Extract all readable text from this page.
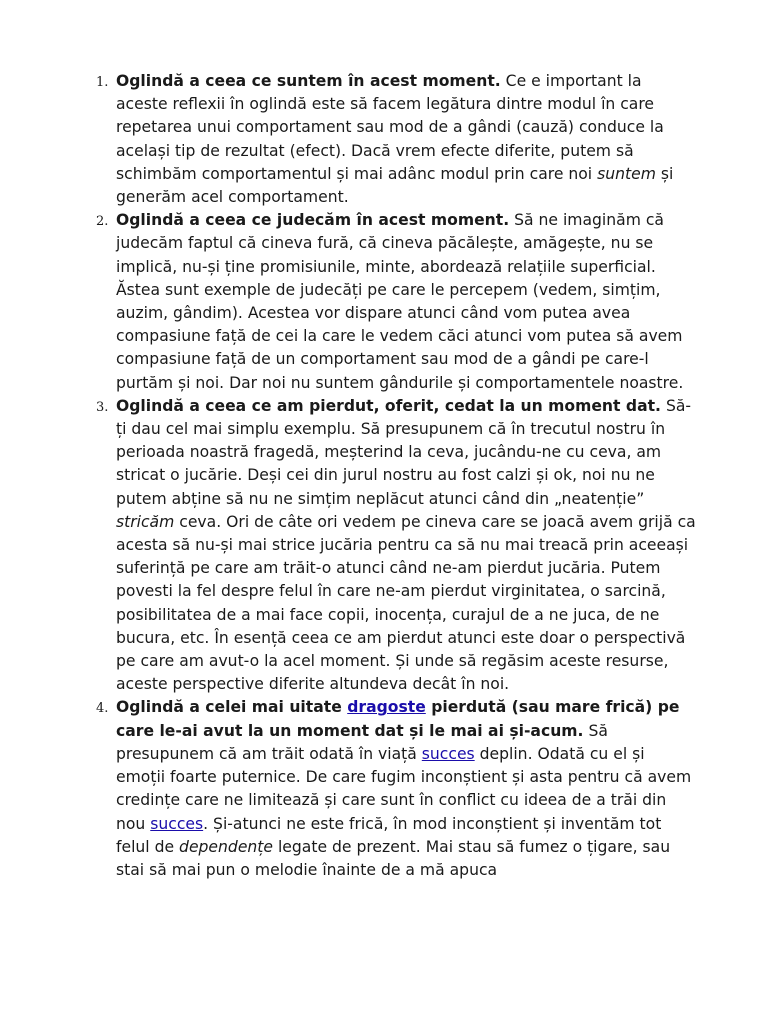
1. Oglindă a ceea ce suntem în acest moment. Ce e important la aceste reflexii în oglindă este să facem legătura dintre modul în care repetarea unui comportament sau mod de a gândi (cauză) conduce la același tip de rezultat (efect). Dacă vrem efecte diferite, putem să schimbăm comportamentul și mai adânc modul prin care noi suntem și generăm acel comportament.
2. Oglindă a ceea ce judecăm în acest moment. Să ne imaginăm că judecăm faptul că cineva fură, că cineva păcălește, amăgește, nu se implică, nu-și ține promisiunile, minte, abordează relațiile superficial. Ăstea sunt exemple de judecăți pe care le percepem (vedem, simțim, auzim, gândim). Acestea vor dispare atunci când vom putea avea compasiune față de cei la care le vedem căci atunci vom putea să avem compasiune față de un comportament sau mod de a gândi pe care-l purtăm și noi. Dar noi nu suntem gândurile și comportamentele noastre.
3. Oglindă a ceea ce am pierdut, oferit, cedat la un moment dat. Să-ți dau cel mai simplu exemplu. Să presupunem că în trecutul nostru în perioada noastră fragedă, meșterind la ceva, jucându-ne cu ceva, am stricat o jucărie. Deși cei din jurul nostru au fost calzi și ok, noi nu ne putem abține să nu ne simțim neplăcut atunci când din „neatenție” stricăm ceva. Ori de câte ori vedem pe cineva care se joacă avem grijă ca acesta să nu-și mai strice jucăria pentru ca să nu mai treacă prin aceeași suferință pe care am trăit-o atunci când ne-am pierdut jucăria. Putem povesti la fel despre felul în care ne-am pierdut virginitatea, o sarcină, posibilitatea de a mai face copii, inocența, curajul de a ne juca, de ne bucura, etc. În esență ceea ce am pierdut atunci este doar o perspectivă pe care am avut-o la acel moment. Și unde să regăsim aceste resurse, aceste perspective diferite altundeva decât în noi.
4. Oglindă a celei mai uitate dragoste pierdută (sau mare frică) pe care le-ai avut la un moment dat și le mai ai și-acum. Să presupunem că am trăit odată în viață succes deplin. Odată cu el și emoții foarte puternice. De care fugim inconștient și asta pentru că avem credințe care ne limitează și care sunt în conflict cu ideea de a trăi din nou succes. Și-atunci ne este frică, în mod inconștient și inventăm tot felul de dependențe legate de prezent. Mai stau să fumez o țigare, sau stai să mai pun o melodie înainte de a mă apuca
